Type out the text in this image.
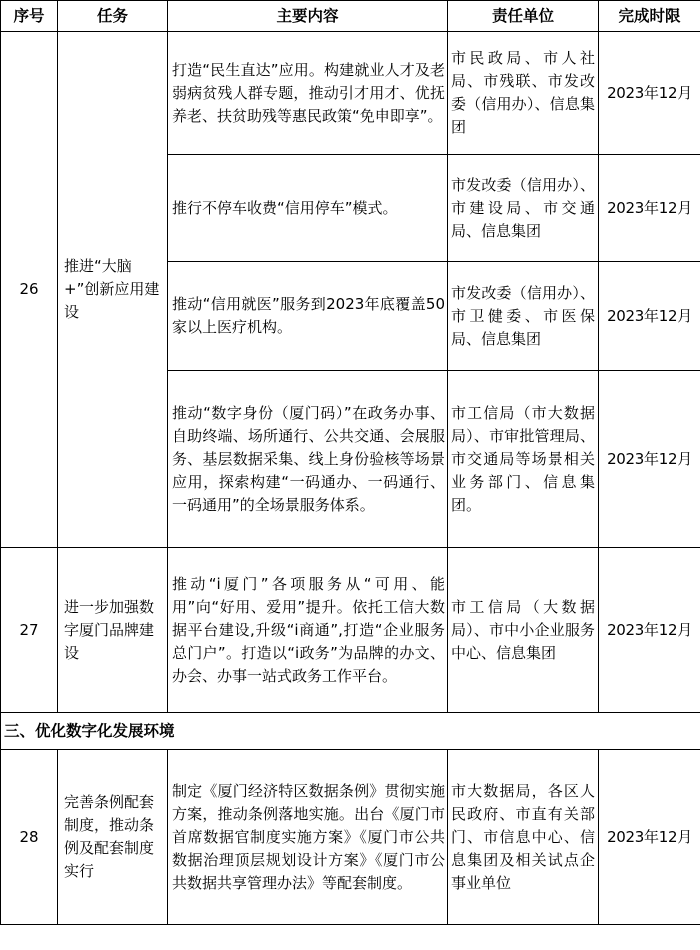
序号	任务	主要内容	责任单位	完成时限
26	推进“大脑+”创新应用建设	打造“民生直达”应用。构建就业人才及老弱病贫残人群专题，推动引才用才、优抚养老、扶贫助残等惠民政策“免申即享”。	市民政局、市人社局、市残联、市发改委（信用办）、信息集团	2023年12月
		推行不停车收费“信用停车”模式。	市发改委（信用办）、市建设局、市交通局、信息集团	2023年12月
		推动“信用就医”服务到2023年底覆盖50家以上医疗机构。	市发改委（信用办）、市卫健委、市医保局、信息集团	2023年12月
		推动“数字身份（厦门码）”在政务办事、自助终端、场所通行、公共交通、会展服务、基层数据采集、线上身份验核等场景应用，探索构建“一码通办、一码通行、一码通用”的全场景服务体系。	市工信局（市大数据局）、市审批管理局、市交通局等场景相关业务部门、信息集团。	2023年12月
27	进一步加强数字厦门品牌建设	推动“i厦门”各项服务从“可用、能用”向“好用、爱用”提升。依托工信大数据平台建设,升级“i商通”,打造“企业服务总门户”。打造以“i政务”为品牌的办文、办会、办事一站式政务工作平台。	市工信局（大数据局）、市中小企业服务中心、信息集团	2023年12月
三、优化数字化发展环境				
28	完善条例配套制度，推动条例及配套制度实行	制定《厦门经济特区数据条例》贯彻实施方案，推动条例落地实施。出台《厦门市首席数据官制度实施方案》《厦门市公共数据治理顶层规划设计方案》《厦门市公共数据共享管理办法》等配套制度。	市大数据局，各区人民政府、市直有关部门、市信息中心、信息集团及相关试点企事业单位	2023年12月
